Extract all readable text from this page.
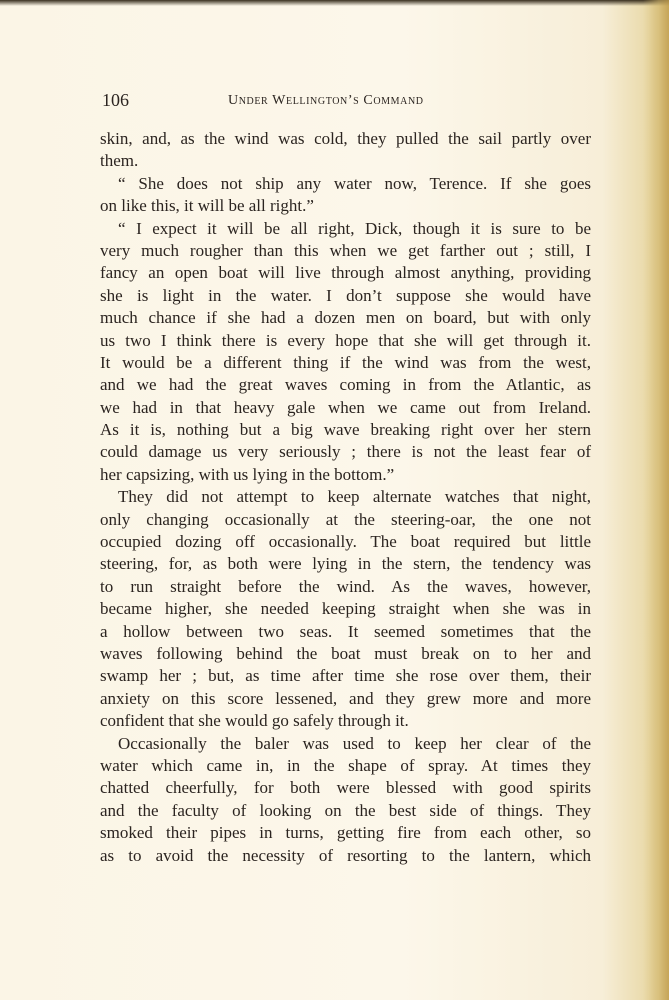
106	Under Wellington’s Command
skin, and, as the wind was cold, they pulled the sail partly over
them.
“ She does not ship any water now, Terence. If she goes
on like this, it will be all right.”
“ I expect it will be all right, Dick, though it is sure to be
very much rougher than this when we get farther out ; still, I
fancy an open boat will live through almost anything, providing
she is light in the water. I don’t suppose she would have
much chance if she had a dozen men on board, but with only
us two I think there is every hope that she will get through it.
It would be a different thing if the wind was from the west,
and we had the great waves coming in from the Atlantic, as
we had in that heavy gale when we came out from Ireland.
As it is, nothing but a big wave breaking right over her stern
could damage us very seriously ; there is not the least fear of
her capsizing, with us lying in the bottom.”
They did not attempt to keep alternate watches that night,
only changing occasionally at the steering-oar, the one not
occupied dozing off occasionally. The boat required but little
steering, for, as both were lying in the stern, the tendency was
to run straight before the wind. As the waves, however,
became higher, she needed keeping straight when she was in
a hollow between two seas. It seemed sometimes that the
waves following behind the boat must break on to her and
swamp her ; but, as time after time she rose over them, their
anxiety on this score lessened, and they grew more and more
confident that she would go safely through it.
Occasionally the baler was used to keep her clear of the
water which came in, in the shape of spray. At times they
chatted cheerfully, for both were blessed with good spirits
and the faculty of looking on the best side of things. They
smoked their pipes in turns, getting fire from each other, so
as to avoid the necessity of resorting to the lantern, which
